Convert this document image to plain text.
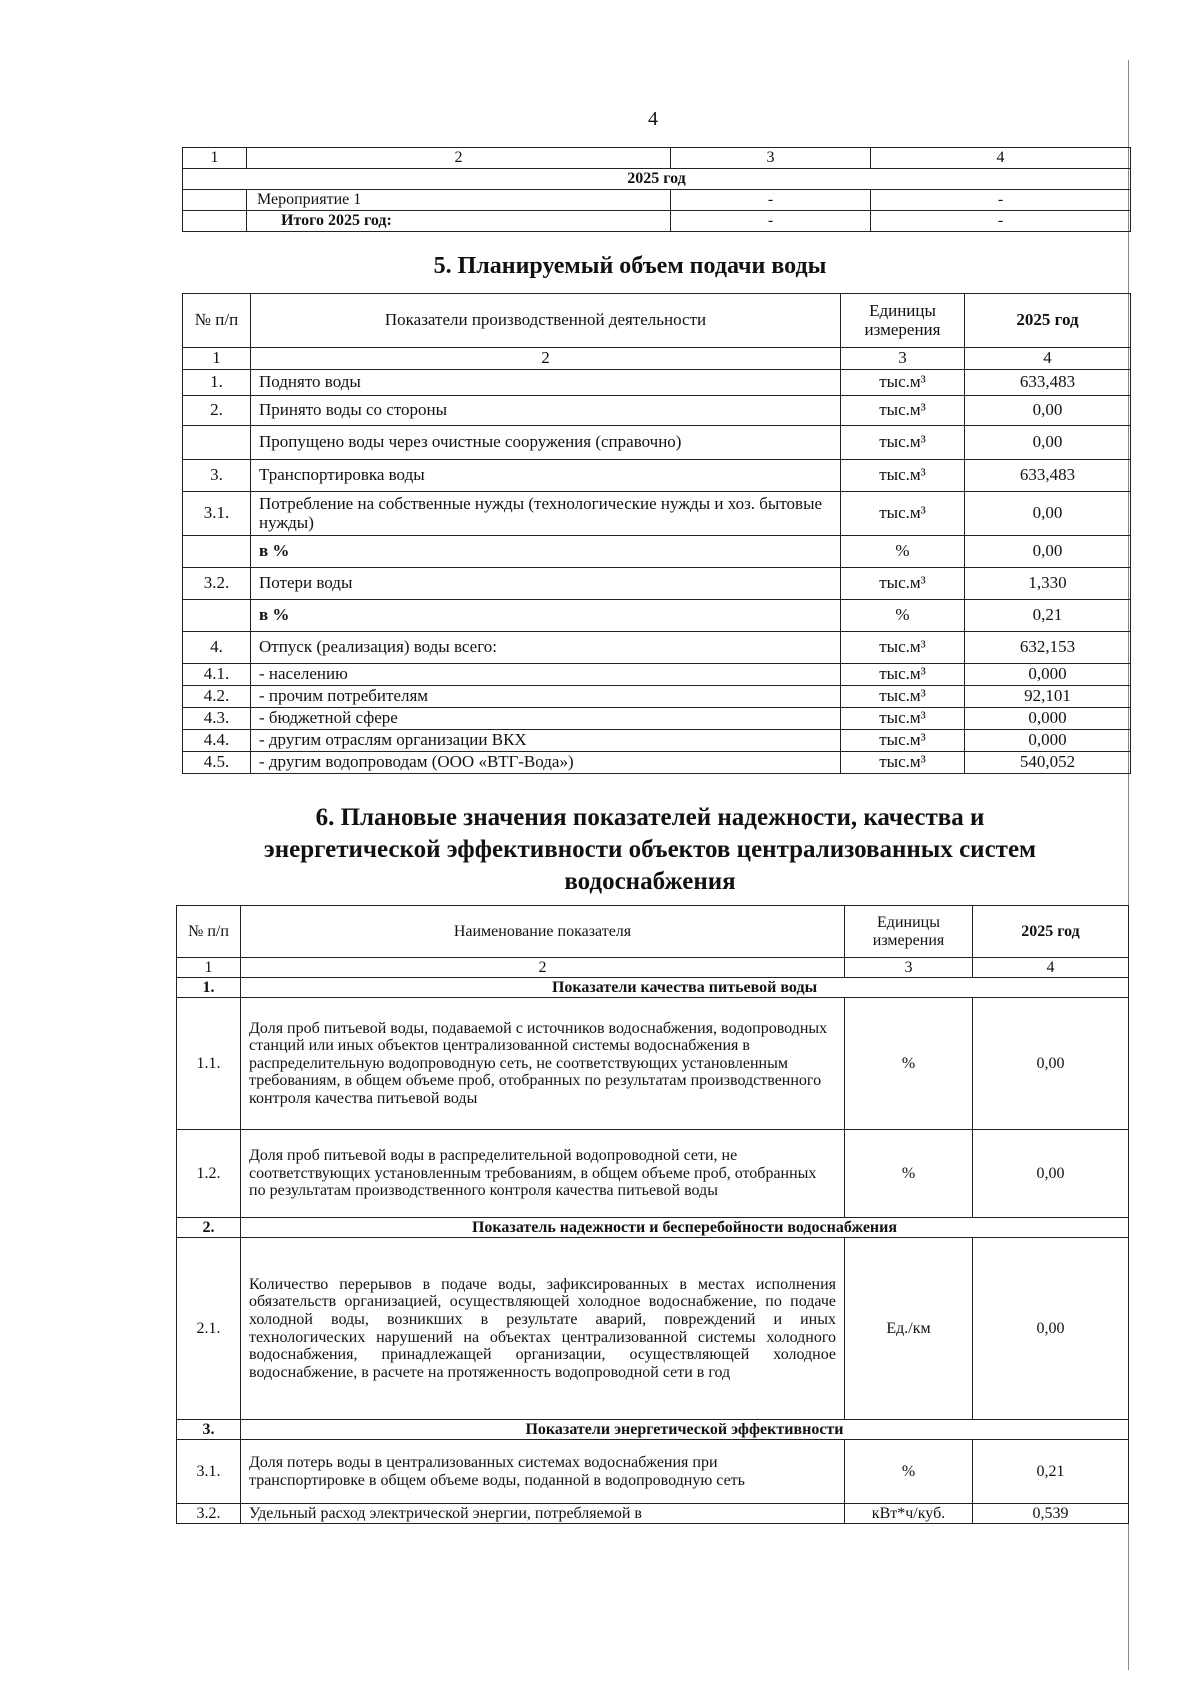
4
1	2	3	4
2025 год			
	Мероприятие 1	-	-
	Итого 2025 год:	-	-
5. Планируемый объем подачи воды
№ п/п	Показатели производственной деятельности	Единицы измерения	2025 год
1	2	3	4
1.	Поднято воды	тыс.м³	633,483
2.	Принято воды со стороны	тыс.м³	0,00
	Пропущено воды через очистные сооружения (справочно)	тыс.м³	0,00
3.	Транспортировка воды	тыс.м³	633,483
3.1.	Потребление на собственные нужды (технологические нужды и хоз. бытовые нужды)	тыс.м³	0,00
	в %	%	0,00
3.2.	Потери воды	тыс.м³	1,330
	в %	%	0,21
4.	Отпуск (реализация) воды всего:	тыс.м³	632,153
4.1.	- населению	тыс.м³	0,000
4.2.	- прочим потребителям	тыс.м³	92,101
4.3.	- бюджетной сфере	тыс.м³	0,000
4.4.	- другим отраслям организации ВКХ	тыс.м³	0,000
4.5.	- другим водопроводам (ООО «ВТГ-Вода»)	тыс.м³	540,052
6. Плановые значения показателей надежности, качества и
энергетической эффективности объектов централизованных систем
водоснабжения
№ п/п	Наименование показателя	Единицы измерения	2025 год
1	2	3	4
1.	Показатели качества питьевой воды		
1.1.	Доля проб питьевой воды, подаваемой с источников водоснабжения, водопроводных станций или иных объектов централизованной системы водоснабжения в распределительную водопроводную сеть, не соответствующих установленным требованиям, в общем объеме проб, отобранных по результатам производственного контроля качества питьевой воды	%	0,00
1.2.	Доля проб питьевой воды в распределительной водопроводной сети, не соответствующих установленным требованиям, в общем объеме проб, отобранных по результатам производственного контроля качества питьевой воды	%	0,00
2.	Показатель надежности и бесперебойности водоснабжения		
2.1.	Количество перерывов в подаче воды, зафиксированных в местах исполнения обязательств организацией, осуществляющей холодное водоснабжение, по подаче холодной воды, возникших в результате аварий, повреждений и иных технологических нарушений на объектах централизованной системы холодного водоснабжения, принадлежащей организации, осуществляющей холодное водоснабжение, в расчете на протяженность водопроводной сети в год	Ед./км	0,00
3.	Показатели энергетической эффективности		
3.1.	Доля потерь воды в централизованных системах водоснабжения при транспортировке в общем объеме воды, поданной в водопроводную сеть	%	0,21
3.2.	Удельный расход электрической энергии, потребляемой в	кВт*ч/куб.	0,539
